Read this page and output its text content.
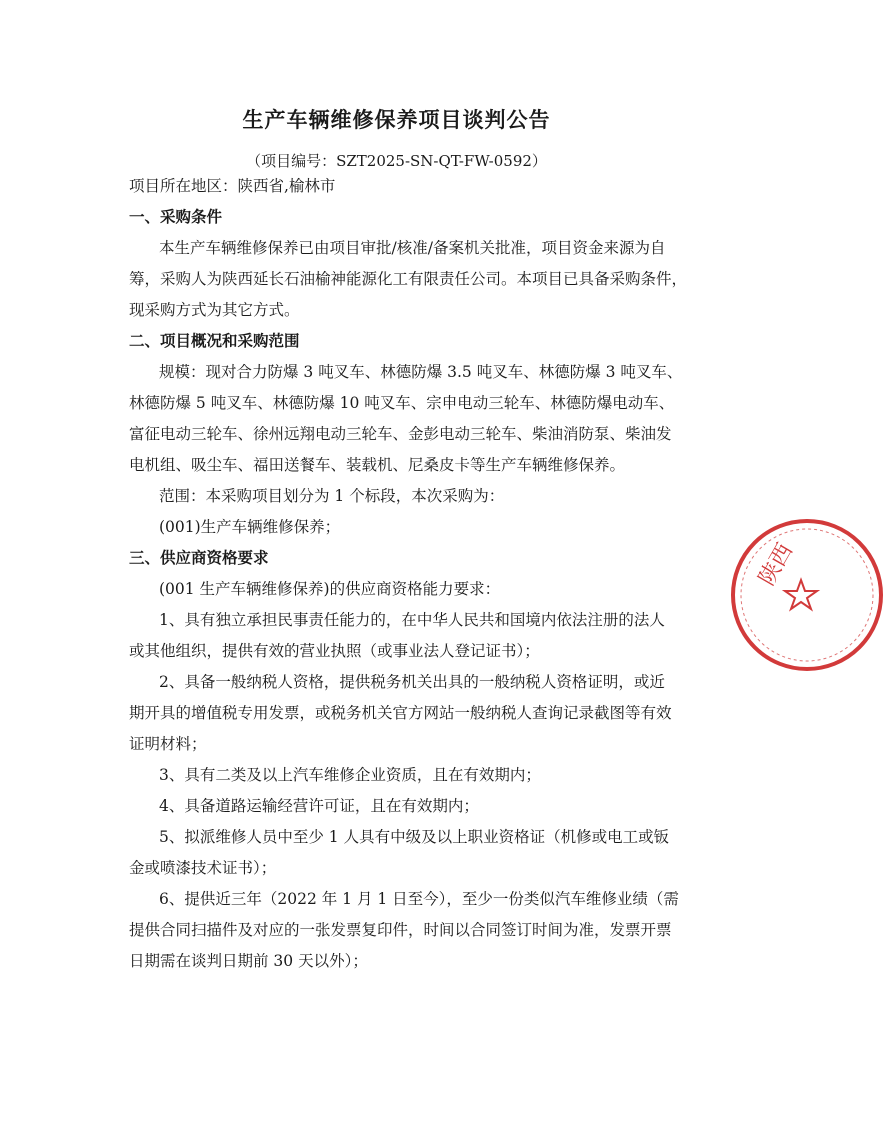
生产车辆维修保养项目谈判公告
（项目编号：SZT2025-SN-QT-FW-0592）
项目所在地区：陕西省,榆林市
一、采购条件
本生产车辆维修保养已由项目审批/核准/备案机关批准，项目资金来源为自
筹，采购人为陕西延长石油榆神能源化工有限责任公司。本项目已具备采购条件，
现采购方式为其它方式。
二、项目概况和采购范围
规模：现对合力防爆 3 吨叉车、林德防爆 3.5 吨叉车、林德防爆 3 吨叉车、
林德防爆 5 吨叉车、林德防爆 10 吨叉车、宗申电动三轮车、林德防爆电动车、
富征电动三轮车、徐州远翔电动三轮车、金彭电动三轮车、柴油消防泵、柴油发
电机组、吸尘车、福田送餐车、装载机、尼桑皮卡等生产车辆维修保养。
范围：本采购项目划分为 1 个标段，本次采购为：
(001)生产车辆维修保养；
三、供应商资格要求
(001 生产车辆维修保养)的供应商资格能力要求：
1、具有独立承担民事责任能力的，在中华人民共和国境内依法注册的法人
或其他组织，提供有效的营业执照（或事业法人登记证书）；
2、具备一般纳税人资格，提供税务机关出具的一般纳税人资格证明，或近
期开具的增值税专用发票，或税务机关官方网站一般纳税人查询记录截图等有效
证明材料；
3、具有二类及以上汽车维修企业资质，且在有效期内；
4、具备道路运输经营许可证，且在有效期内；
5、拟派维修人员中至少 1 人具有中级及以上职业资格证（机修或电工或钣
金或喷漆技术证书）；
6、提供近三年（2022 年 1 月 1 日至今），至少一份类似汽车维修业绩（需
提供合同扫描件及对应的一张发票复印件，时间以合同签订时间为准，发票开票
日期需在谈判日期前 30 天以外）；
陕西
